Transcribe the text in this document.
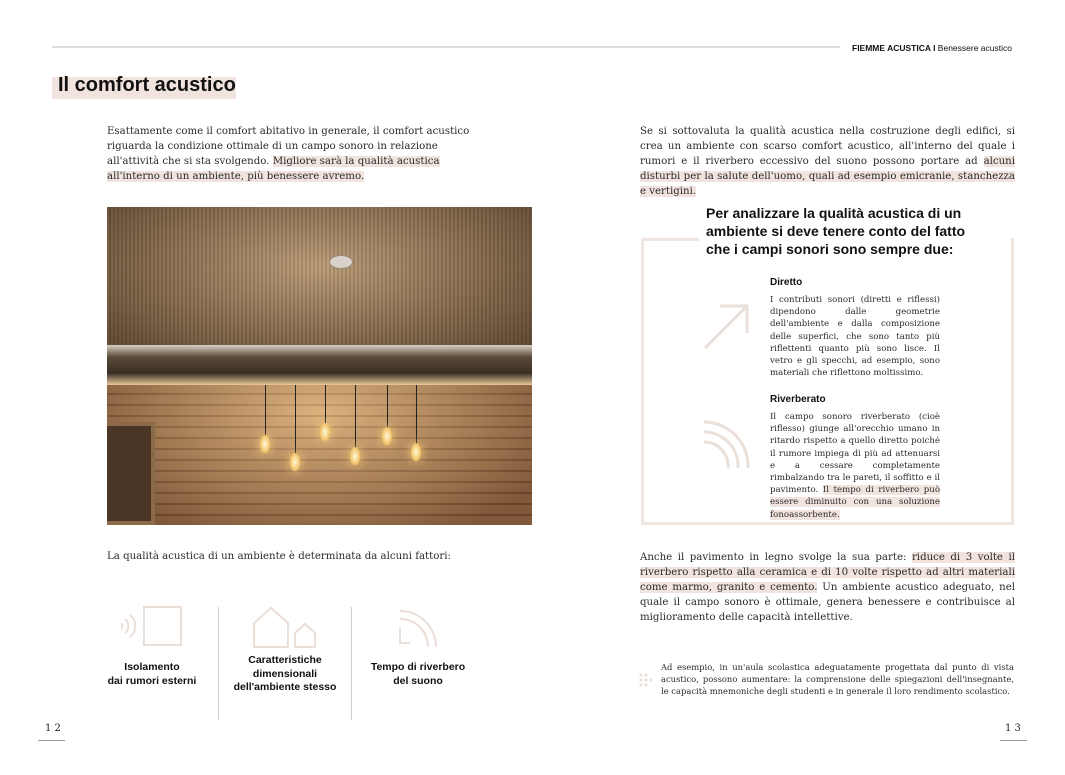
FIEMME ACUSTICA I Benessere acustico
Il comfort acustico
Esattamente come il comfort abitativo in generale, il comfort acustico riguarda la condizione ottimale di un campo sonoro in relazione all'attività che si sta svolgendo. Migliore sarà la qualità acustica all'interno di un ambiente, più benessere avremo.
La qualità acustica di un ambiente è determinata da alcuni fattori:
Isolamento
dai rumori esterni
Caratteristiche
dimensionali
dell'ambiente stesso
Tempo di riverbero
del suono
1 2
Se si sottovaluta la qualità acustica nella costruzione degli edifici, si crea un ambiente con scarso comfort acustico, all'interno del quale i rumori e il riverbero eccessivo del suono possono portare ad alcuni disturbi per la salute dell'uomo, quali ad esempio emicranie, stanchezza e vertigini.
Per analizzare la qualità acustica di un ambiente si deve tenere conto del fatto che i campi sonori sono sempre due:
Diretto
I contributi sonori (diretti e riflessi) dipendono dalle geometrie dell'ambiente e dalla composizione delle superfici, che sono tanto più riflettenti quanto più sono lisce. Il vetro e gli specchi, ad esempio, sono materiali che riflettono moltissimo.
Riverberato
Il campo sonoro riverberato (cioè riflesso) giunge all'orecchio umano in ritardo rispetto a quello diretto poiché il rumore impiega di più ad attenuarsi e a cessare completamente rimbalzando tra le pareti, il soffitto e il pavimento. Il tempo di riverbero può essere diminuito con una soluzione fonoassorbente.
Anche il pavimento in legno svolge la sua parte: riduce di 3 volte il riverbero rispetto alla ceramica e di 10 volte rispetto ad altri materiali come marmo, granito e cemento. Un ambiente acustico adeguato, nel quale il campo sonoro è ottimale, genera benessere e contribuisce al miglioramento delle capacità intellettive.
Ad esempio, in un'aula scolastica adeguatamente progettata dal punto di vista acustico, possono aumentare: la comprensione delle spiegazioni dell'insegnante, le capacità mnemoniche degli studenti e in generale il loro rendimento scolastico.
1 3
